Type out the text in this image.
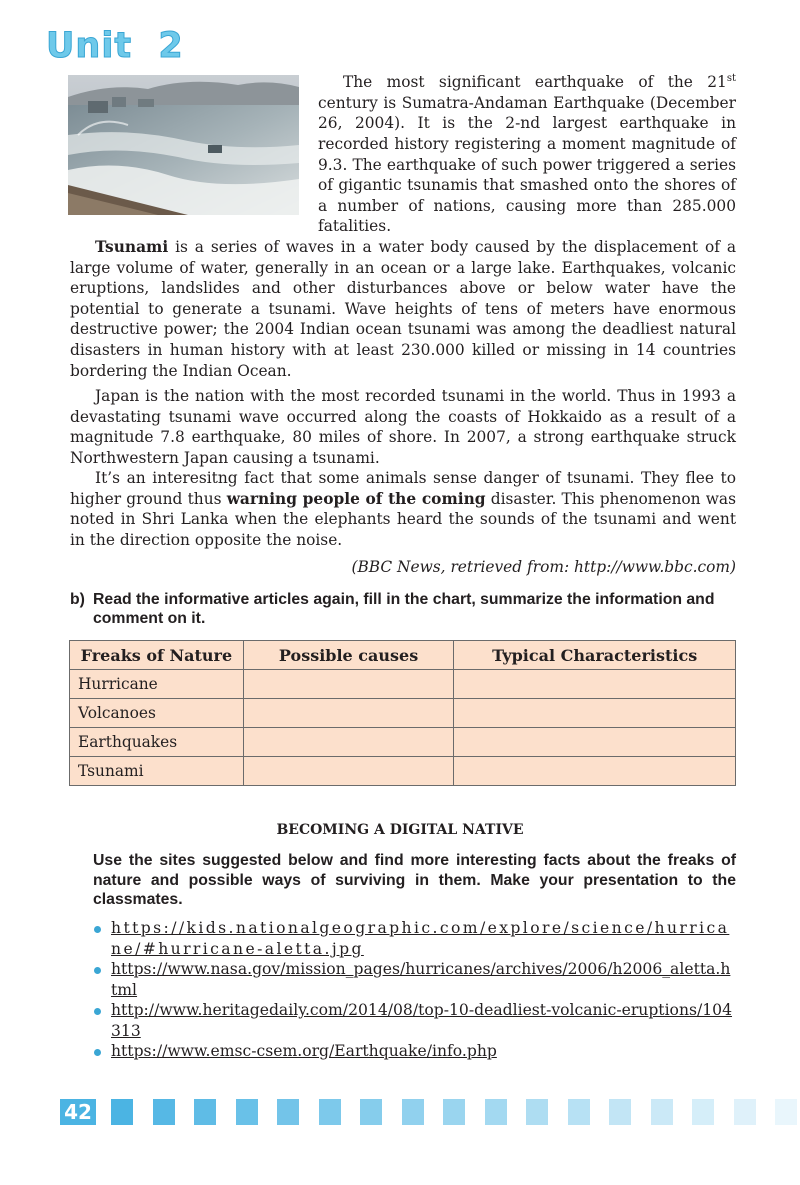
Unit  2

The most significant earthquake of the 21st century is Sumatra-Andaman Earthquake (December 26, 2004). It is the 2-nd largest earthquake in recorded history registering a moment magnitude of 9.3. The earthquake of such power triggered a series of gigantic tsunamis that smashed onto the shores of a number of nations, causing more than 285.000 fatalities.

Tsunami is a series of waves in a water body caused by the displacement of a large volume of water, generally in an ocean or a large lake. Earthquakes, volcanic eruptions, landslides and other disturbances above or below water have the potential to generate a tsunami. Wave heights of tens of meters have enormous destructive power; the 2004 Indian ocean tsunami was among the deadliest natural disasters in human history with at least 230.000 killed or missing in 14 countries bordering the Indian Ocean.

Japan is the nation with the most recorded tsunami in the world. Thus in 1993 a devastating tsunami wave occurred along the coasts of Hokkaido as a result of a magnitude 7.8 earthquake, 80 miles of shore. In 2007, a strong earthquake struck Northwestern Japan causing a tsunami.

It’s an interesitng fact that some animals sense danger of tsunami. They flee to higher ground thus warning people of the coming disaster. This phenomenon was noted in Shri Lanka when the elephants heard the sounds of the tsunami and went in the direction opposite the noise.

(BBC News, retrieved from: http://www.bbc.com)

b) Read the informative articles again, fill in the chart, summarize the information and comment on it.
Freaks of Nature	Possible causes	Typical Characteristics
Hurricane		
Volcanoes		
Earthquakes		
Tsunami		

BECOMING A DIGITAL NATIVE

Use the sites suggested below and find more interesting facts about the freaks of nature and possible ways of surviving in them. Make your presentation to the classmates.

https://kids.nationalgeographic.com/explore/science/hurricane/#hurricane-aletta.jpg
https://www.nasa.gov/mission_pages/hurricanes/archives/2006/h2006_aletta.html
http://www.heritagedaily.com/2014/08/top-10-deadliest-volcanic-eruptions/104313
https://www.emsc-csem.org/Earthquake/info.php
42
